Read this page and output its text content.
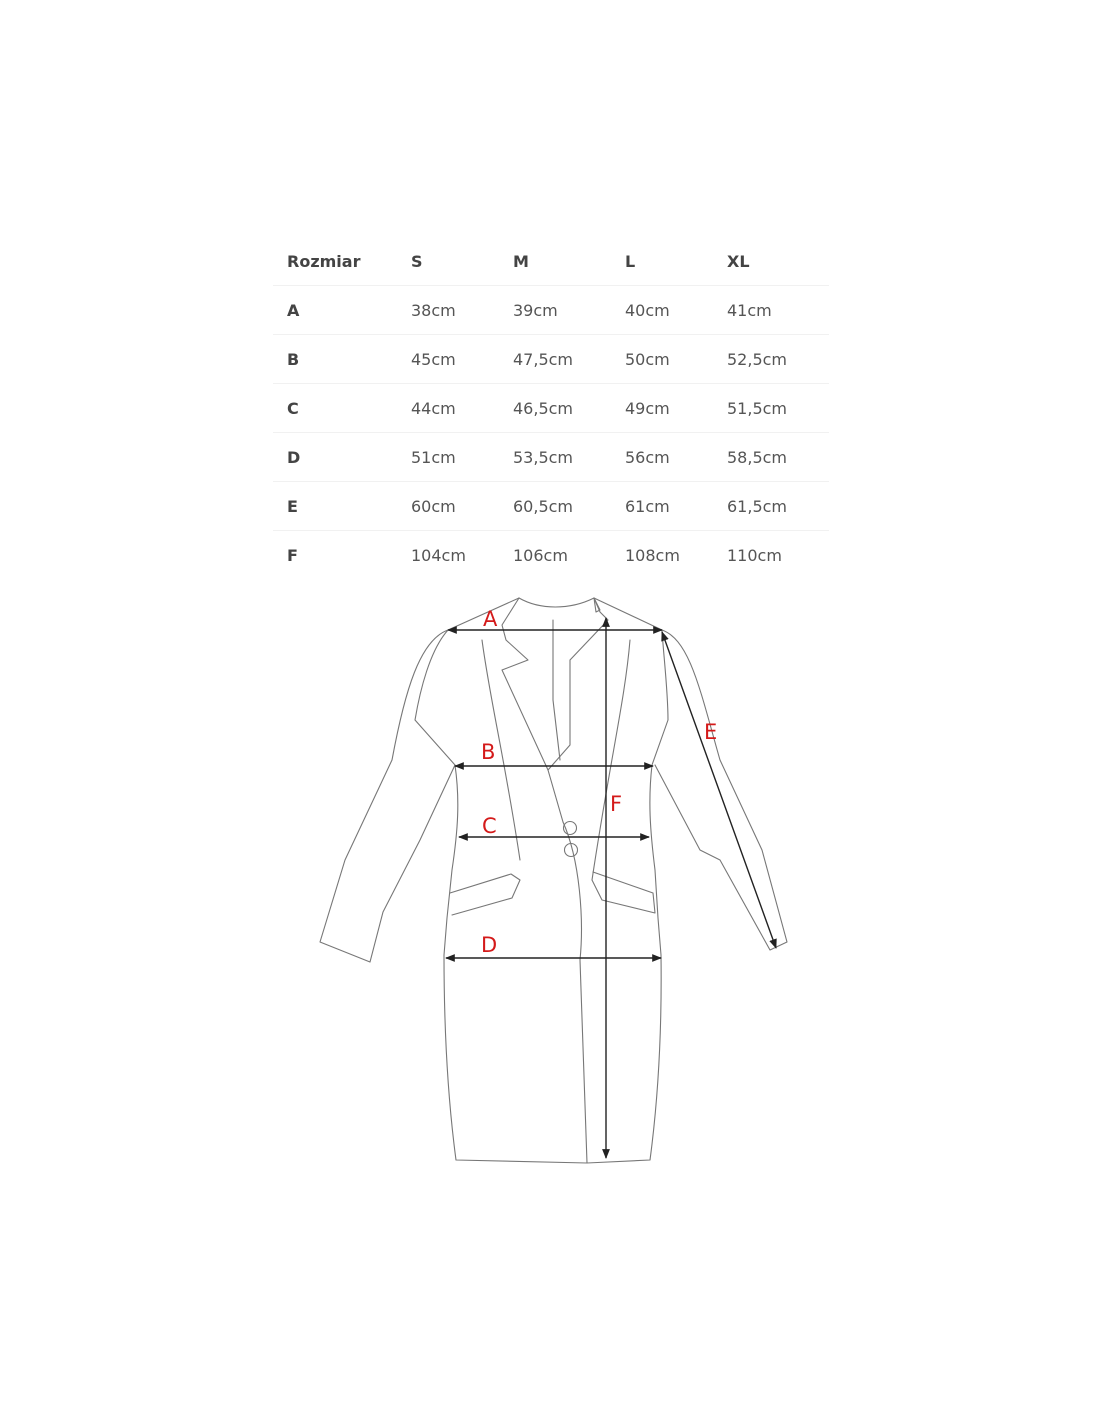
Rozmiar	S	M	L	XL
A	38cm	39cm	40cm	41cm
B	45cm	47,5cm	50cm	52,5cm
C	44cm	46,5cm	49cm	51,5cm
D	51cm	53,5cm	56cm	58,5cm
E	60cm	60,5cm	61cm	61,5cm
F	104cm	106cm	108cm	110cm
A
B
C
D
E
F
